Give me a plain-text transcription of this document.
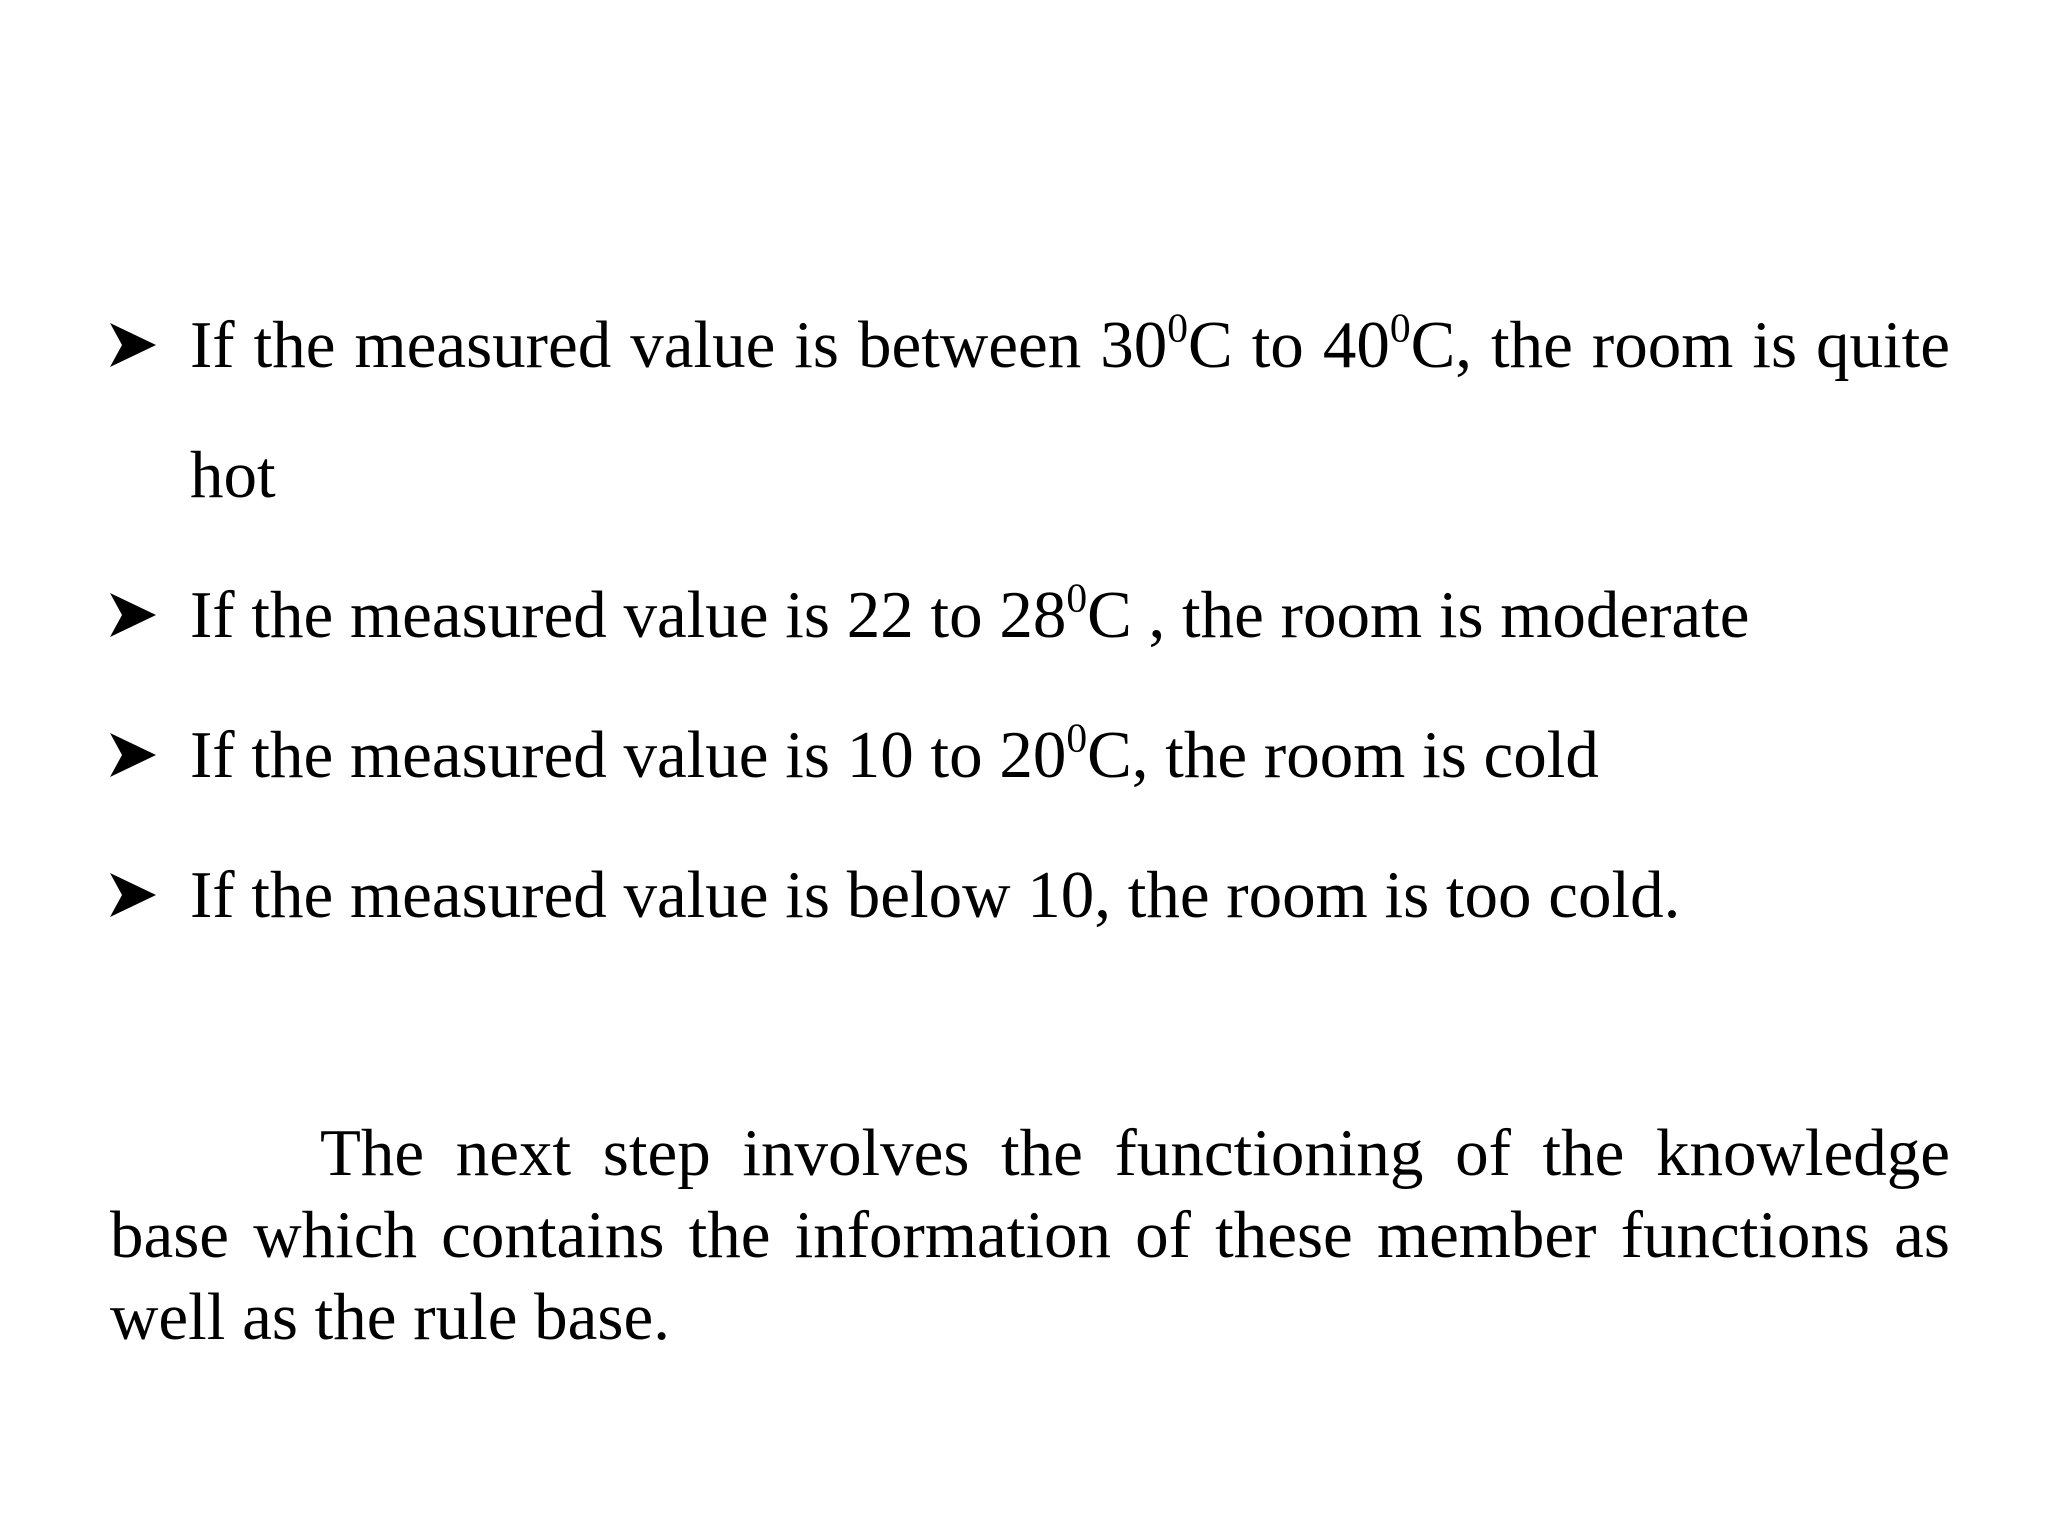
If the measured value is between $30^0C$ to $40^0C$, the room is quite hot
If the measured value is 22 to $28^0C$ , the room is moderate
If the measured value is 10 to $20^0C$, the room is cold
If the measured value is below 10, the room is too cold.

The next step involves the functioning of the knowledge base which contains the information of these member functions as well as the rule base.
